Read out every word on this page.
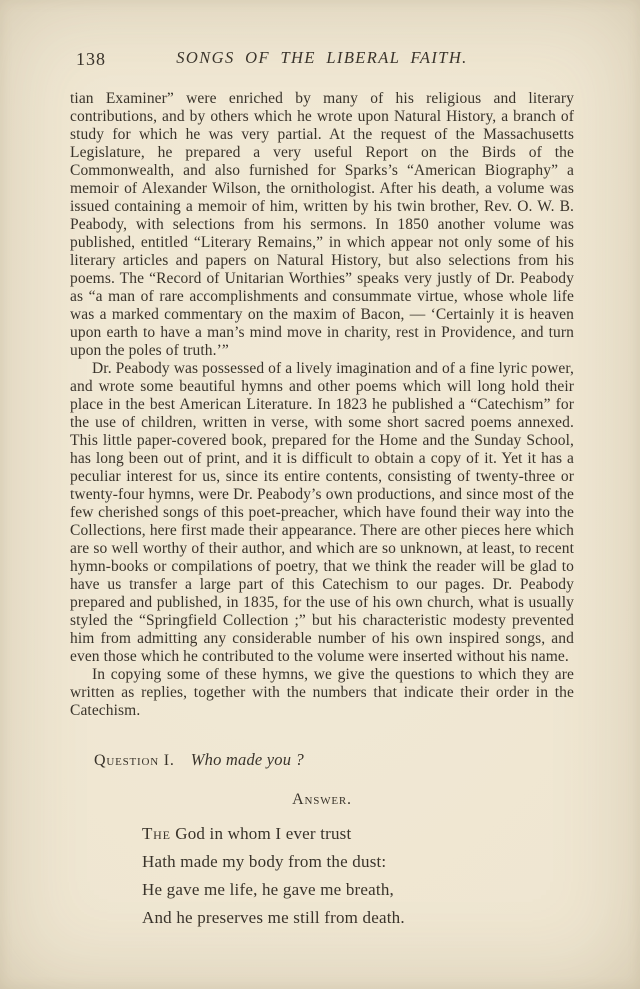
138	SONGS OF THE LIBERAL FAITH.

tian Examiner” were enriched by many of his religious and literary contributions, and by others which he wrote upon Natural History, a branch of study for which he was very partial. At the request of the Massachusetts Legislature, he prepared a very useful Report on the Birds of the Commonwealth, and also furnished for Sparks’s “American Biography” a memoir of Alexander Wilson, the ornithologist. After his death, a volume was issued containing a memoir of him, written by his twin brother, Rev. O. W. B. Peabody, with selections from his sermons. In 1850 another volume was published, entitled “Literary Remains,” in which appear not only some of his literary articles and papers on Natural History, but also selections from his poems. The “Record of Unitarian Worthies” speaks very justly of Dr. Peabody as “a man of rare accomplishments and consummate virtue, whose whole life was a marked commentary on the maxim of Bacon, — ‘Certainly it is heaven upon earth to have a man’s mind move in charity, rest in Providence, and turn upon the poles of truth.’”

Dr. Peabody was possessed of a lively imagination and of a fine lyric power, and wrote some beautiful hymns and other poems which will long hold their place in the best American Literature. In 1823 he published a “Catechism” for the use of children, written in verse, with some short sacred poems annexed. This little paper-covered book, prepared for the Home and the Sunday School, has long been out of print, and it is difficult to obtain a copy of it. Yet it has a peculiar interest for us, since its entire contents, consisting of twenty-three or twenty-four hymns, were Dr. Peabody’s own productions, and since most of the few cherished songs of this poet-preacher, which have found their way into the Collections, here first made their appearance. There are other pieces here which are so well worthy of their author, and which are so unknown, at least, to recent hymn-books or compilations of poetry, that we think the reader will be glad to have us transfer a large part of this Catechism to our pages. Dr. Peabody prepared and published, in 1835, for the use of his own church, what is usually styled the “Springfield Collection ;” but his characteristic modesty prevented him from admitting any considerable number of his own inspired songs, and even those which he contributed to the volume were inserted without his name.

In copying some of these hymns, we give the questions to which they are written as replies, together with the numbers that indicate their order in the Catechism.

Question I. Who made you ?
Answer.
The God in whom I ever trust
Hath made my body from the dust:
He gave me life, he gave me breath,
And he preserves me still from death.
